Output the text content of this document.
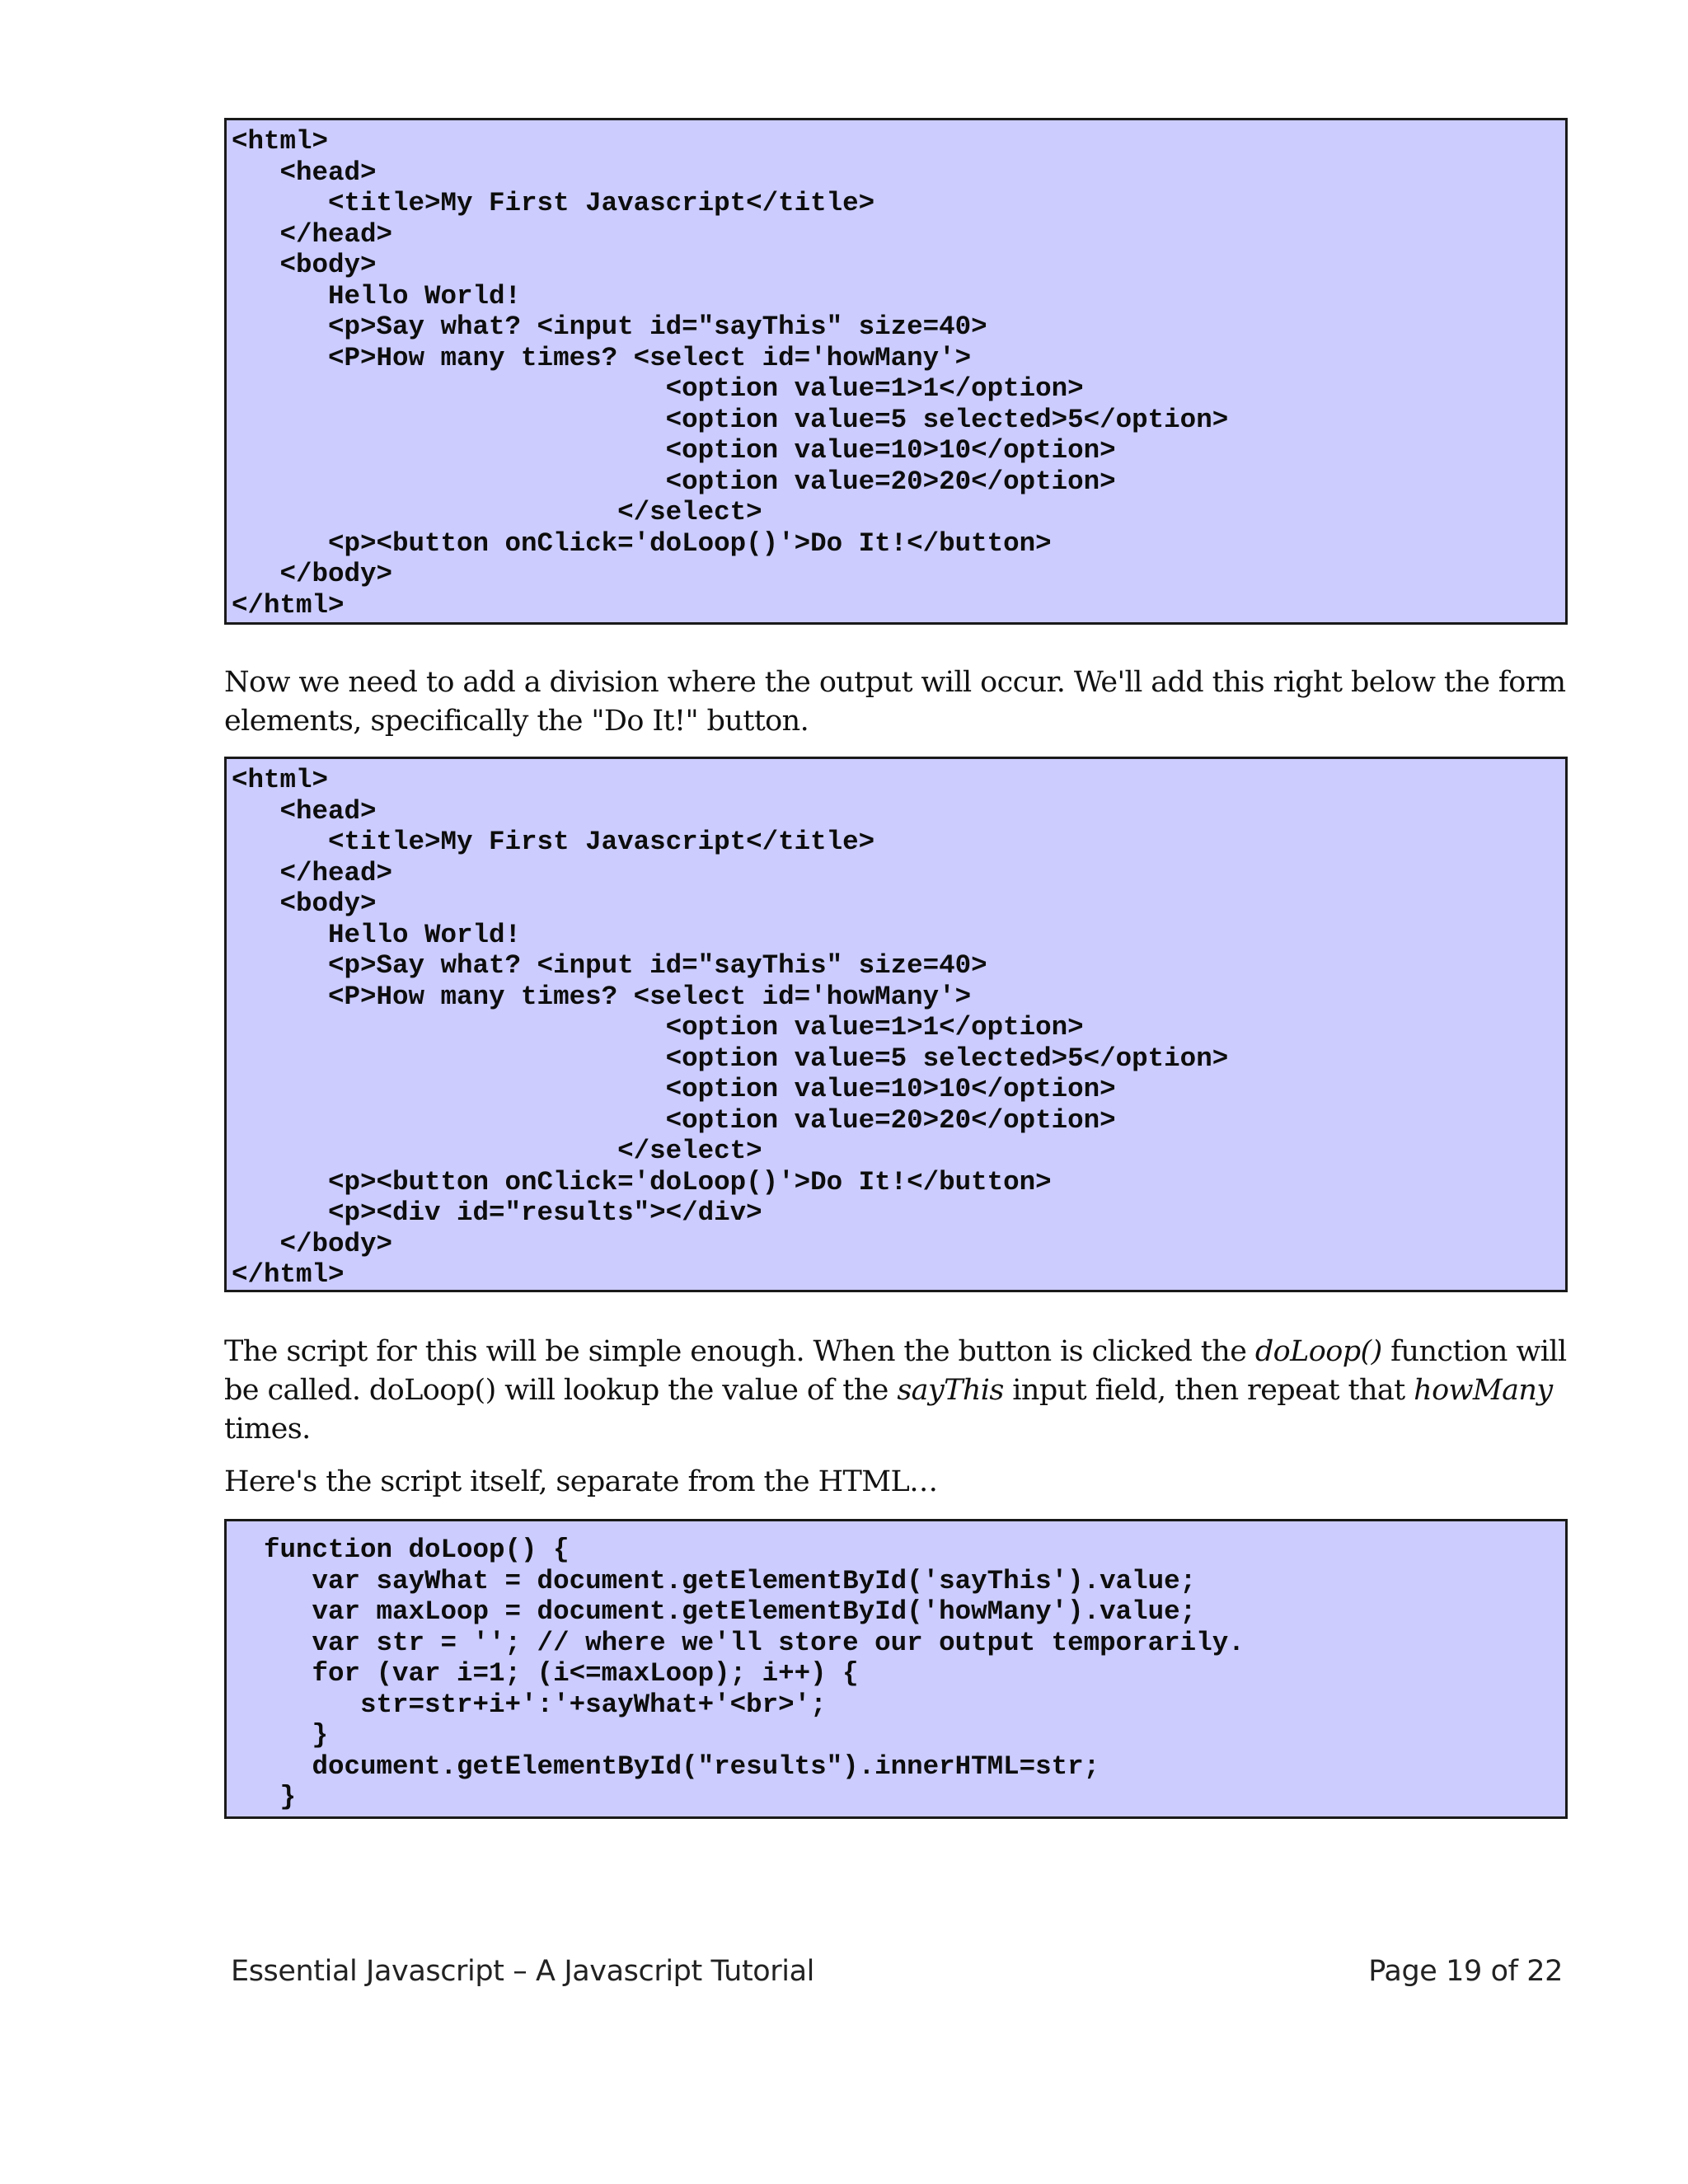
<html>
<head>
<title>My First Javascript</title>
</head>
<body>
Hello World!
<p>Say what? <input id="sayThis" size=40>
<P>How many times? <select id='howMany'>
<option value=1>1</option>
<option value=5 selected>5</option>
<option value=10>10</option>
<option value=20>20</option>
</select>
<p><button onClick='doLoop()'>Do It!</button>
</body>
</html>

Now we need to add a division where the output will occur. We'll add this right below the form elements, specifically the "Do It!" button.

<html>
<head>
<title>My First Javascript</title>
</head>
<body>
Hello World!
<p>Say what? <input id="sayThis" size=40>
<P>How many times? <select id='howMany'>
<option value=1>1</option>
<option value=5 selected>5</option>
<option value=10>10</option>
<option value=20>20</option>
</select>
<p><button onClick='doLoop()'>Do It!</button>
<p><div id="results"></div>
</body>
</html>

The script for this will be simple enough. When the button is clicked the doLoop() function will be called. doLoop() will lookup the value of the sayThis input field, then repeat that howMany times.

Here's the script itself, separate from the HTML…

function doLoop() {
var sayWhat = document.getElementById('sayThis').value;
var maxLoop = document.getElementById('howMany').value;
var str = ''; // where we'll store our output temporarily.
for (var i=1; (i<=maxLoop); i++) {
str=str+i+':'+sayWhat+'<br>';
}
document.getElementById("results").innerHTML=str;
}
Essential Javascript – A Javascript Tutorial	Page 19 of 22
